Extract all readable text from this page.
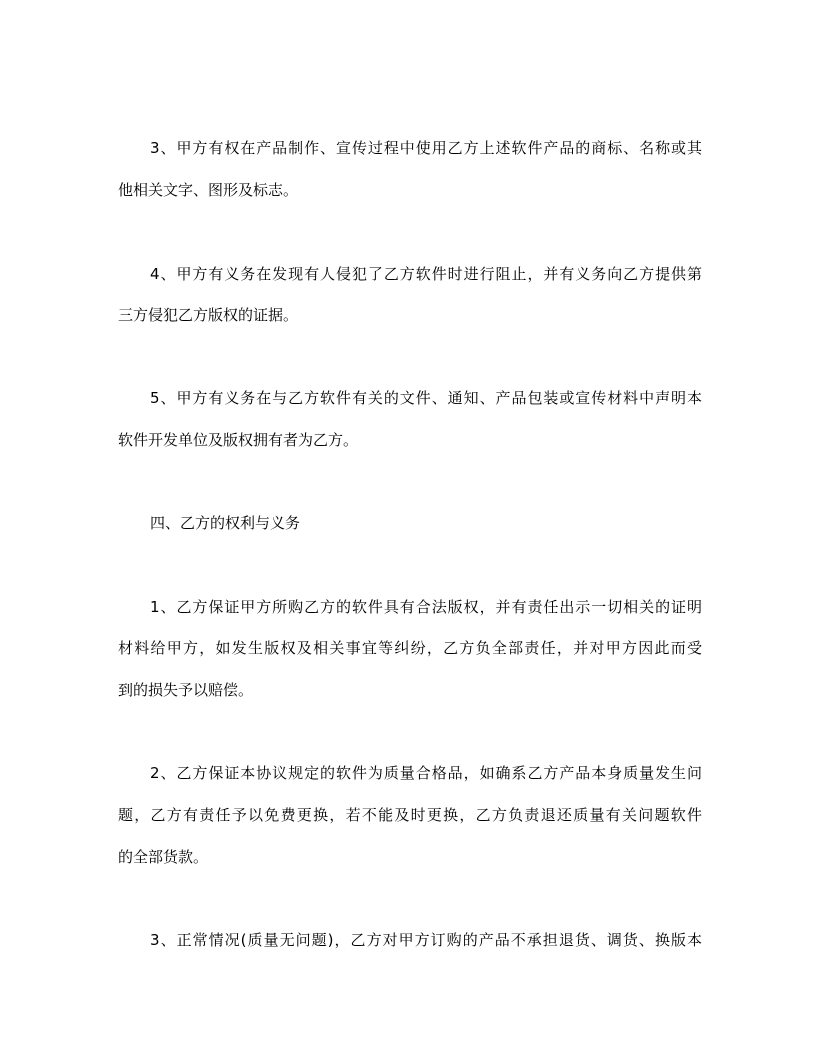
3、甲方有权在产品制作、宣传过程中使用乙方上述软件产品的商标、名称或其
他相关文字、图形及标志。
4、甲方有义务在发现有人侵犯了乙方软件时进行阻止，并有义务向乙方提供第
三方侵犯乙方版权的证据。
5、甲方有义务在与乙方软件有关的文件、通知、产品包装或宣传材料中声明本
软件开发单位及版权拥有者为乙方。
四、乙方的权利与义务
1、乙方保证甲方所购乙方的软件具有合法版权，并有责任出示一切相关的证明
材料给甲方，如发生版权及相关事宜等纠纷，乙方负全部责任，并对甲方因此而受
到的损失予以赔偿。
2、乙方保证本协议规定的软件为质量合格品，如确系乙方产品本身质量发生问
题，乙方有责任予以免费更换，若不能及时更换，乙方负责退还质量有关问题软件
的全部货款。
3、正常情况(质量无问题)，乙方对甲方订购的产品不承担退货、调货、换版本
